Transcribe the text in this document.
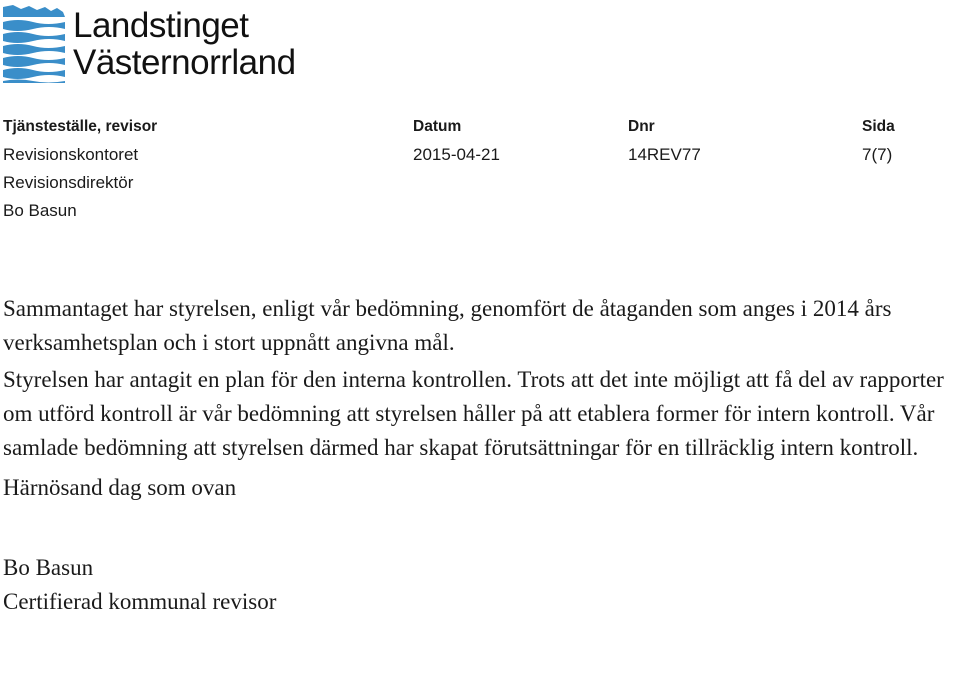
Landstinget
Västernorrland
Tjänsteställe, revisor
Revisionskontoret
Revisionsdirektör
Bo Basun
Datum
2015-04-21
Dnr
14REV77
Sida
7(7)

Sammantaget har styrelsen, enligt vår bedömning, genomfört de åtaganden som anges i 2014 års verksamhetsplan och i stort uppnått angivna mål.

Styrelsen har antagit en plan för den interna kontrollen. Trots att det inte möjligt att få del av rapporter om utförd kontroll är vår bedömning att styrelsen håller på att etablera former för intern kontroll. Vår samlade bedömning att styrelsen därmed har skapat förutsättningar för en tillräcklig intern kontroll.

Härnösand dag som ovan

Bo Basun
Certifierad kommunal revisor
